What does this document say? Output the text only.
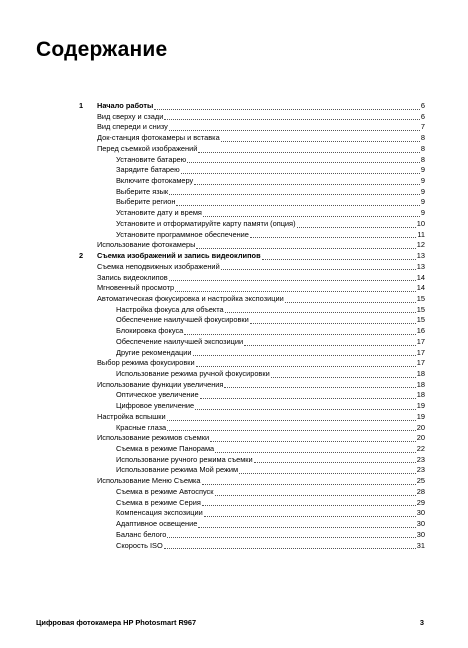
Содержание
1 Начало работы	6
Вид сверху и сзади	6
Вид спереди и снизу	7
Док-станция фотокамеры и вставка	8
Перед съемкой изображений	8
Установите батарею	8
Зарядите батарею	9
Включите фотокамеру	9
Выберите язык	9
Выберите регион	9
Установите дату и время	9
Установите и отформатируйте карту памяти (опция)	10
Установите программное обеспечение	11
Использование фотокамеры	12
2 Съемка изображений и запись видеоклипов	13
Съемка неподвижных изображений	13
Запись видеоклипов	14
Мгновенный просмотр	14
Автоматическая фокусировка и настройка экспозиции	15
Настройка фокуса для объекта	15
Обеспечение наилучшей фокусировки	15
Блокировка фокуса	16
Обеспечение наилучшей экспозиции	17
Другие рекомендации	17
Выбор режима фокусировки	17
Использование режима ручной фокусировки	18
Использование функции увеличения	18
Оптическое увеличение	18
Цифровое увеличение	19
Настройка вспышки	19
Красные глаза	20
Использование режимов съемки	20
Съемка в режиме Панорама	22
Использование ручного режима съемки	23
Использование режима Мой режим	23
Использование Меню Съемка	25
Съемка в режиме Автоспуск	28
Съемка в режиме Серия	29
Компенсация экспозиции	30
Адаптивное освещение	30
Баланс белого	30
Скорость ISO	31
Цифровая фотокамера HP Photosmart R967	3
